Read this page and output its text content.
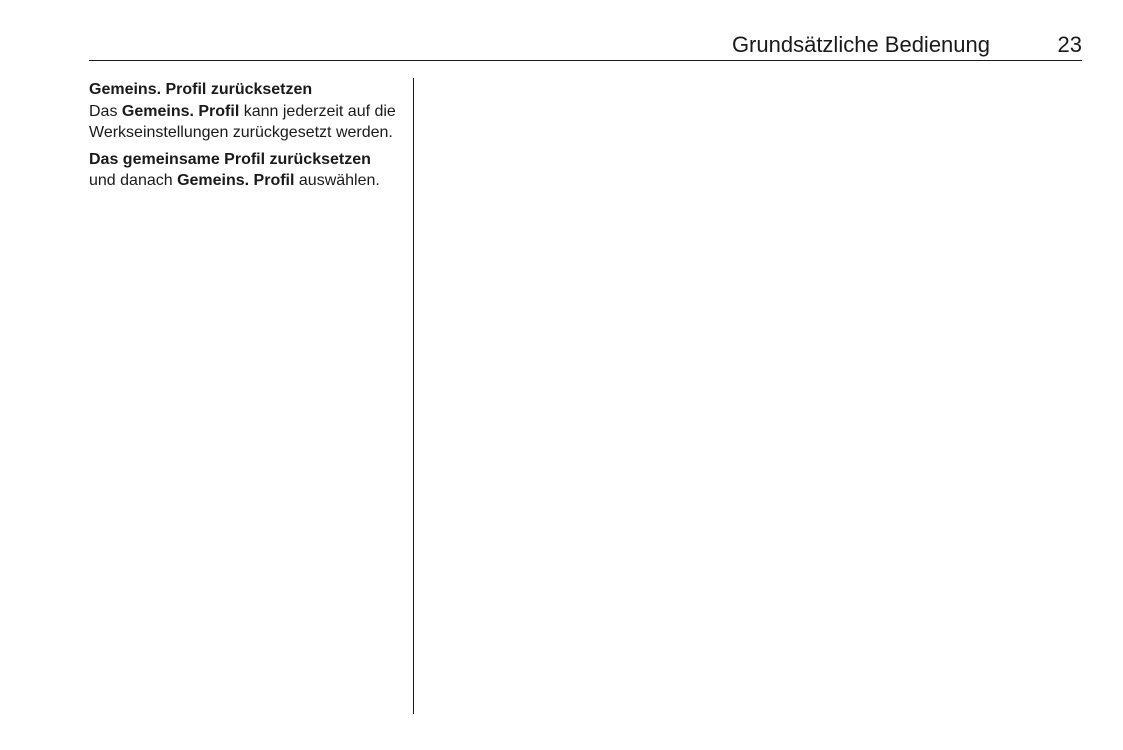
Grundsätzliche Bedienung	23
Gemeins. Profil zurücksetzen

Das Gemeins. Profil kann jederzeit auf die Werkseinstellungen zurückgesetzt werden.

Das gemeinsame Profil zurücksetzen und danach Gemeins. Profil auswählen.
